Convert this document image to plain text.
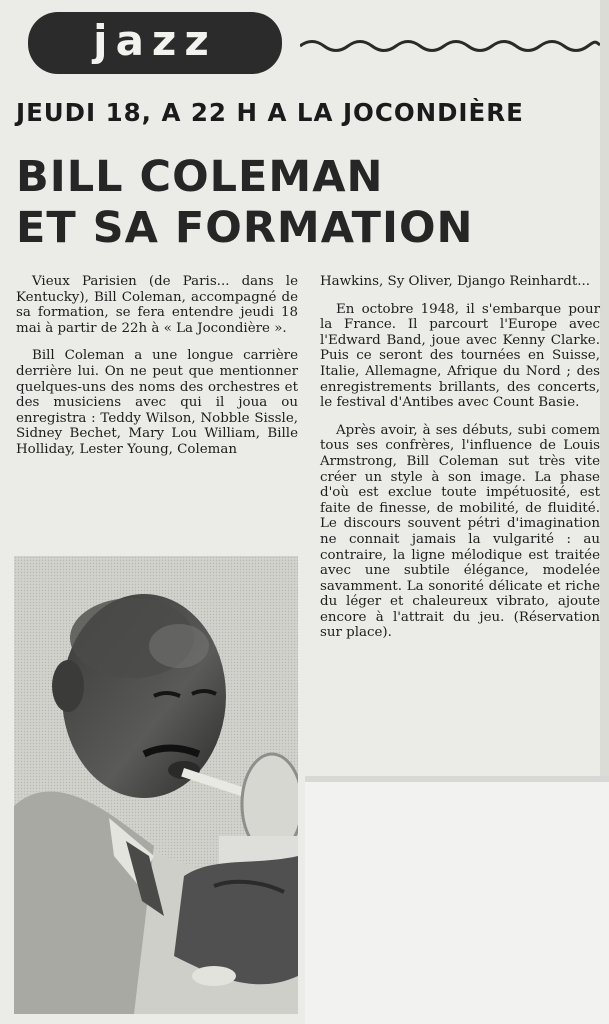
jazz
JEUDI 18, A 22 H A LA JOCONDIÈRE
BILL COLEMAN
ET SA FORMATION

Vieux Parisien (de Paris... dans le Kentucky), Bill Coleman, accompagné de sa formation, se fera entendre jeudi 18 mai à partir de 22h à « La Jocondière ».

Bill Coleman a une longue carrière derrière lui. On ne peut que mentionner quelques-uns des noms des orchestres et des musiciens avec qui il joua ou enregistra : Teddy Wilson, Nobble Sissle, Sidney Bechet, Mary Lou William, Bille Holliday, Lester Young, Coleman

Hawkins, Sy Oliver, Django Reinhardt...

En octobre 1948, il s'embarque pour la France. Il parcourt l'Europe avec l'Edward Band, joue avec Kenny Clarke. Puis ce seront des tournées en Suisse, Italie, Allemagne, Afrique du Nord ; des enregistrements brillants, des concerts, le festival d'Antibes avec Count Basie.

Après avoir, à ses débuts, subi comem tous ses confrères, l'influence de Louis Armstrong, Bill Coleman sut très vite créer un style à son image. La phase d'où est exclue toute impétuosité, est faite de finesse, de mobilité, de fluidité. Le discours souvent pétri d'imagination ne connait jamais la vulgarité : au contraire, la ligne mélodique est traitée avec une subtile élégance, modelée savamment. La sonorité délicate et riche du léger et chaleureux vibrato, ajoute encore à l'attrait du jeu. (Réservation sur place).
